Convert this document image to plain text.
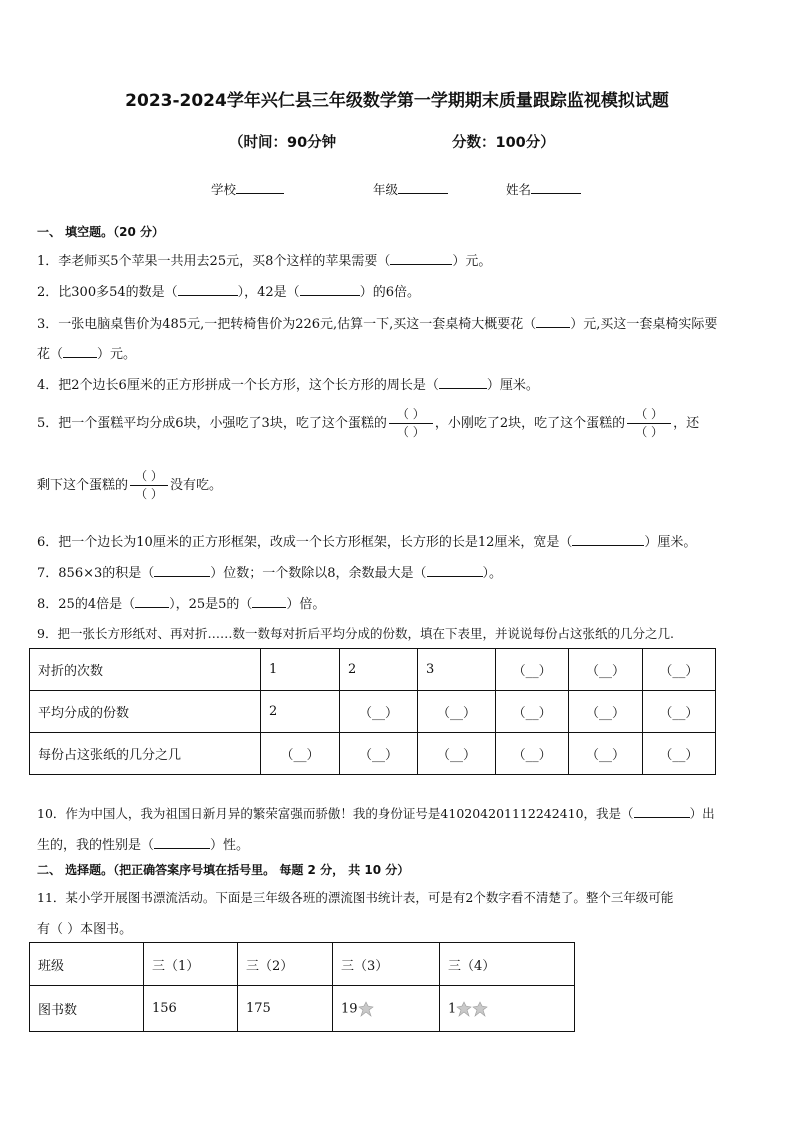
2023-2024学年兴仁县三年级数学第一学期期末质量跟踪监视模拟试题
（时间：90分钟	分数：100分）
学校	年级	姓名
一、 填空题。（20 分）
1．李老师买5个苹果一共用去25元，买8个这样的苹果需要（	）元。
2．比300多54的数是（	），42是（	）的6倍。
3．一张电脑桌售价为485元,一把转椅售价为226元,估算一下,买这一套桌椅大概要花（	）元,买这一套桌椅实际要
花（	）元。
4．把2个边长6厘米的正方形拼成一个长方形，这个长方形的周长是（	）厘米。
5．把一个蛋糕平均分成6块，小强吃了3块，吃了这个蛋糕的 $\frac{( )}{( )}$ ，小刚吃了2块，吃了这个蛋糕的 $\frac{( )}{( )}$ ，还
剩下这个蛋糕的 $\frac{( )}{( )}$ 没有吃。
6．把一个边长为10厘米的正方形框架，改成一个长方形框架，长方形的长是12厘米，宽是（	）厘米。
7．856×3的积是（	）位数；一个数除以8，余数最大是（	）。
8．25的4倍是（	），25是5的（	）倍。
9．把一张长方形纸对、再对折……数一数每对折后平均分成的份数，填在下表里，并说说每份占这张纸的几分之几.
对折的次数	1	2	3	（__）	（__）	（__）
平均分成的份数	2	（__）	（__）	（__）	（__）	（__）
每份占这张纸的几分之几	（__）	（__）	（__）	（__）	（__）	（__）
10．作为中国人，我为祖国日新月异的繁荣富强而骄傲！我的身份证号是410204201112242410，我是（	）出
生的，我的性别是（	）性。
二、 选择题。（把正确答案序号填在括号里。 每题 2 分， 共 10 分）
11．某小学开展图书漂流活动。下面是三年级各班的漂流图书统计表，可是有2个数字看不清楚了。整个三年级可能
有（ ）本图书。
班级	三（1）	三（2）	三（3）	三（4）
图书数	156	175	19	1
